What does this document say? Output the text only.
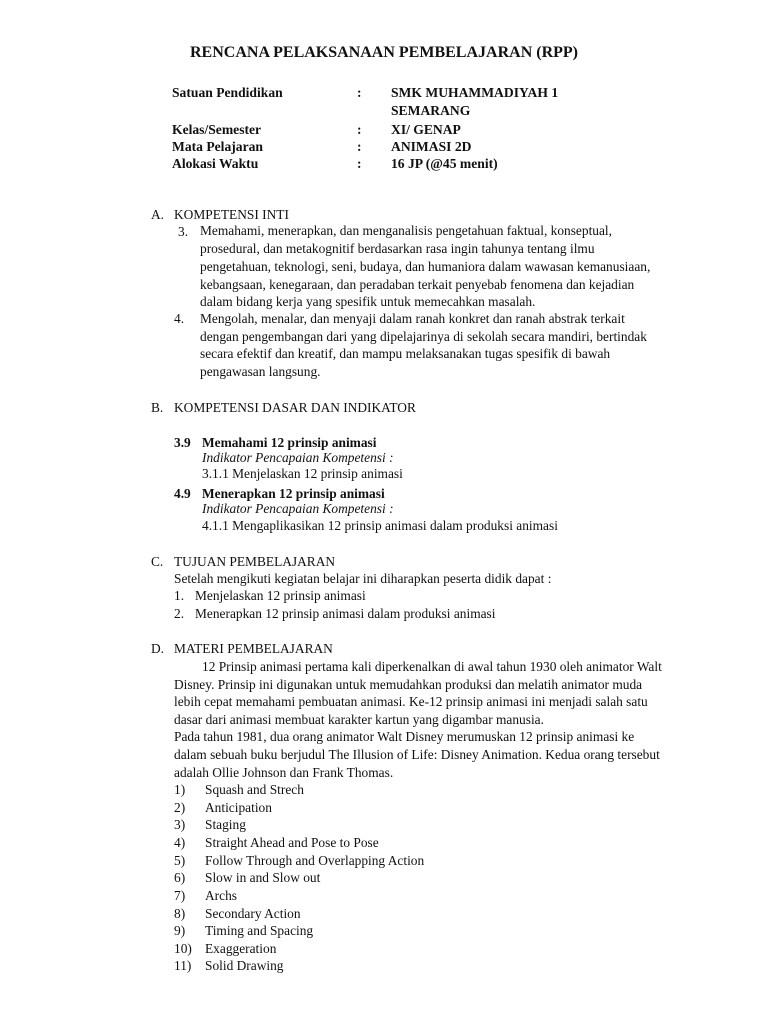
RENCANA PELAKSANAAN PEMBELAJARAN (RPP)
Satuan Pendidikan	: SMK MUHAMMADIYAH 1
SEMARANG
Kelas/Semester	: XI/ GENAP
Mata Pelajaran	: ANIMASI 2D
Alokasi Waktu	: 16 JP (@45 menit)
A. KOMPETENSI INTI
3. Memahami, menerapkan, dan menganalisis pengetahuan faktual, konseptual,
prosedural, dan metakognitif berdasarkan rasa ingin tahunya tentang ilmu
pengetahuan, teknologi, seni, budaya, dan humaniora dalam wawasan kemanusiaan,
kebangsaan, kenegaraan, dan peradaban terkait penyebab fenomena dan kejadian
dalam bidang kerja yang spesifik untuk memecahkan masalah.
4. Mengolah, menalar, dan menyaji dalam ranah konkret dan ranah abstrak terkait
dengan pengembangan dari yang dipelajarinya di sekolah secara mandiri, bertindak
secara efektif dan kreatif, dan mampu melaksanakan tugas spesifik di bawah
pengawasan langsung.
B. KOMPETENSI DASAR DAN INDIKATOR
3.9 Memahami 12 prinsip animasi
Indikator Pencapaian Kompetensi :
3.1.1 Menjelaskan 12 prinsip animasi
4.9 Menerapkan 12 prinsip animasi
Indikator Pencapaian Kompetensi :
4.1.1 Mengaplikasikan 12 prinsip animasi dalam produksi animasi
C. TUJUAN PEMBELAJARAN
Setelah mengikuti kegiatan belajar ini diharapkan peserta didik dapat :
1. Menjelaskan 12 prinsip animasi
2. Menerapkan 12 prinsip animasi dalam produksi animasi
D. MATERI PEMBELAJARAN
12 Prinsip animasi pertama kali diperkenalkan di awal tahun 1930 oleh animator Walt
Disney. Prinsip ini digunakan untuk memudahkan produksi dan melatih animator muda
lebih cepat memahami pembuatan animasi. Ke-12 prinsip animasi ini menjadi salah satu
dasar dari animasi membuat karakter kartun yang digambar manusia.
Pada tahun 1981, dua orang animator Walt Disney merumuskan 12 prinsip animasi ke
dalam sebuah buku berjudul The Illusion of Life: Disney Animation. Kedua orang tersebut
adalah Ollie Johnson dan Frank Thomas.
1) Squash and Strech
2) Anticipation
3) Staging
4) Straight Ahead and Pose to Pose
5) Follow Through and Overlapping Action
6) Slow in and Slow out
7) Archs
8) Secondary Action
9) Timing and Spacing
10) Exaggeration
11) Solid Drawing
